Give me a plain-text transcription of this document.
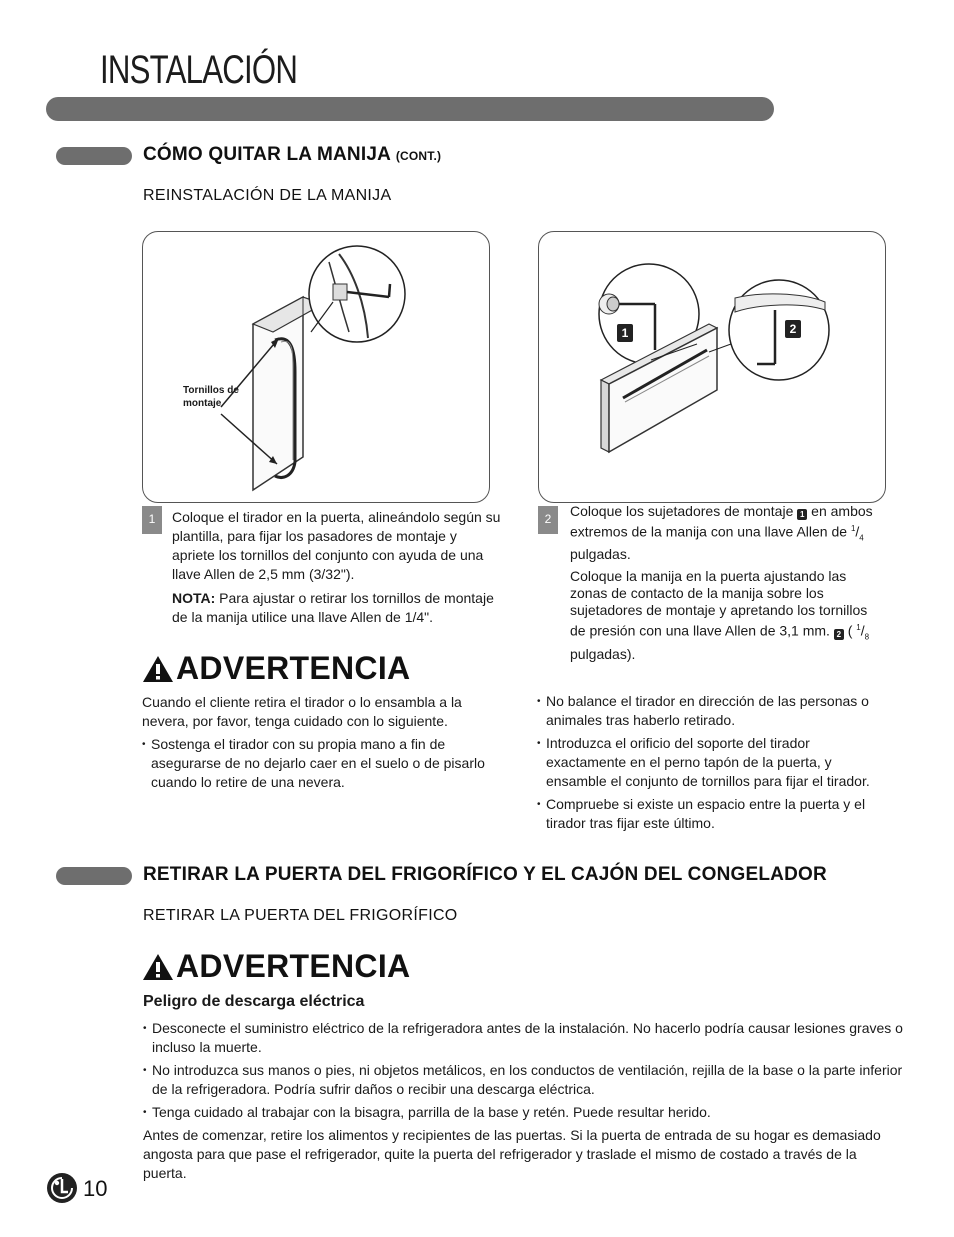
INSTALACIÓN
CÓMO QUITAR LA MANIJA (CONT.)
REINSTALACIÓN DE LA MANIJA
Tornillos de
montaje
1	2
1	Coloque el tirador en la puerta, alineándolo según su plantilla, para fijar los pasadores de montaje y apriete los tornillos del conjunto con ayuda de una llave Allen de 2,5 mm (3/32").
NOTA: Para ajustar o retirar los tornillos de montaje de la manija utilice una llave Allen de 1/4".
2	Coloque los sujetadores de montaje 1 en ambos extremos de la manija con una llave Allen de $^1/_4$ pulgadas.
Coloque la manija en la puerta ajustando las zonas de contacto de la manija sobre los sujetadores de montaje y apretando los tornillos de presión con una llave Allen de 3,1 mm. 2 ( $^1/_8$ pulgadas).
ADVERTENCIA
Cuando el cliente retira el tirador o lo ensambla a la nevera, por favor, tenga cuidado con lo siguiente.
• Sostenga el tirador con su propia mano a fin de asegurarse de no dejarlo caer en el suelo o de pisarlo cuando lo retire de una nevera.
• No balance el tirador en dirección de las personas o animales tras haberlo retirado.
• Introduzca el orificio del soporte del tirador exactamente en el perno tapón de la puerta, y ensamble el conjunto de tornillos para fijar el tirador.
• Compruebe si existe un espacio entre la puerta y el tirador tras fijar este último.
RETIRAR LA PUERTA DEL FRIGORÍFICO Y EL CAJÓN DEL CONGELADOR
RETIRAR LA PUERTA DEL FRIGORÍFICO
ADVERTENCIA
Peligro de descarga eléctrica
• Desconecte el suministro eléctrico de la refrigeradora antes de la instalación. No hacerlo podría causar lesiones graves o incluso la muerte.
• No introduzca sus manos o pies, ni objetos metálicos, en los conductos de ventilación, rejilla de la base o la parte inferior de la refrigeradora. Podría sufrir daños o recibir una descarga eléctrica.
• Tenga cuidado al trabajar con la bisagra, parrilla de la base y retén. Puede resultar herido.
Antes de comenzar, retire los alimentos y recipientes de las puertas. Si la puerta de entrada de su hogar es demasiado angosta para que pase el refrigerador, quite la puerta del refrigerador y traslade el mismo de costado a través de la puerta.
10
